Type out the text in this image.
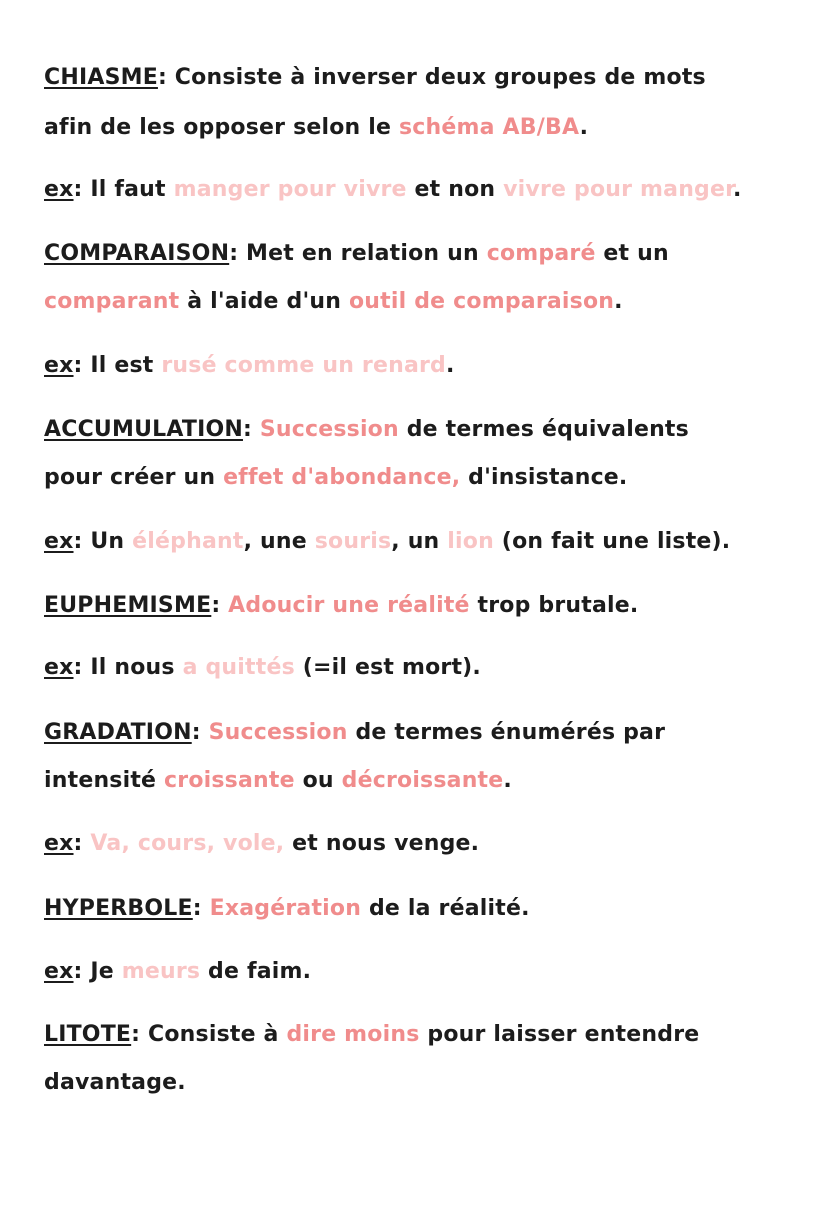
CHIASME: Consiste à inverser deux groupes de mots
afin de les opposer selon le schéma AB/BA.
ex: Il faut manger pour vivre et non vivre pour manger.
COMPARAISON: Met en relation un comparé et un
comparant à l'aide d'un outil de comparaison.
ex: Il est rusé comme un renard.
ACCUMULATION: Succession de termes équivalents
pour créer un effet d'abondance, d'insistance.
ex: Un éléphant, une souris, un lion (on fait une liste).
EUPHEMISME: Adoucir une réalité trop brutale.
ex: Il nous a quittés (=il est mort).
GRADATION: Succession de termes énumérés par
intensité croissante ou décroissante.
ex: Va, cours, vole, et nous venge.
HYPERBOLE: Exagération de la réalité.
ex: Je meurs de faim.
LITOTE: Consiste à dire moins pour laisser entendre
davantage.
